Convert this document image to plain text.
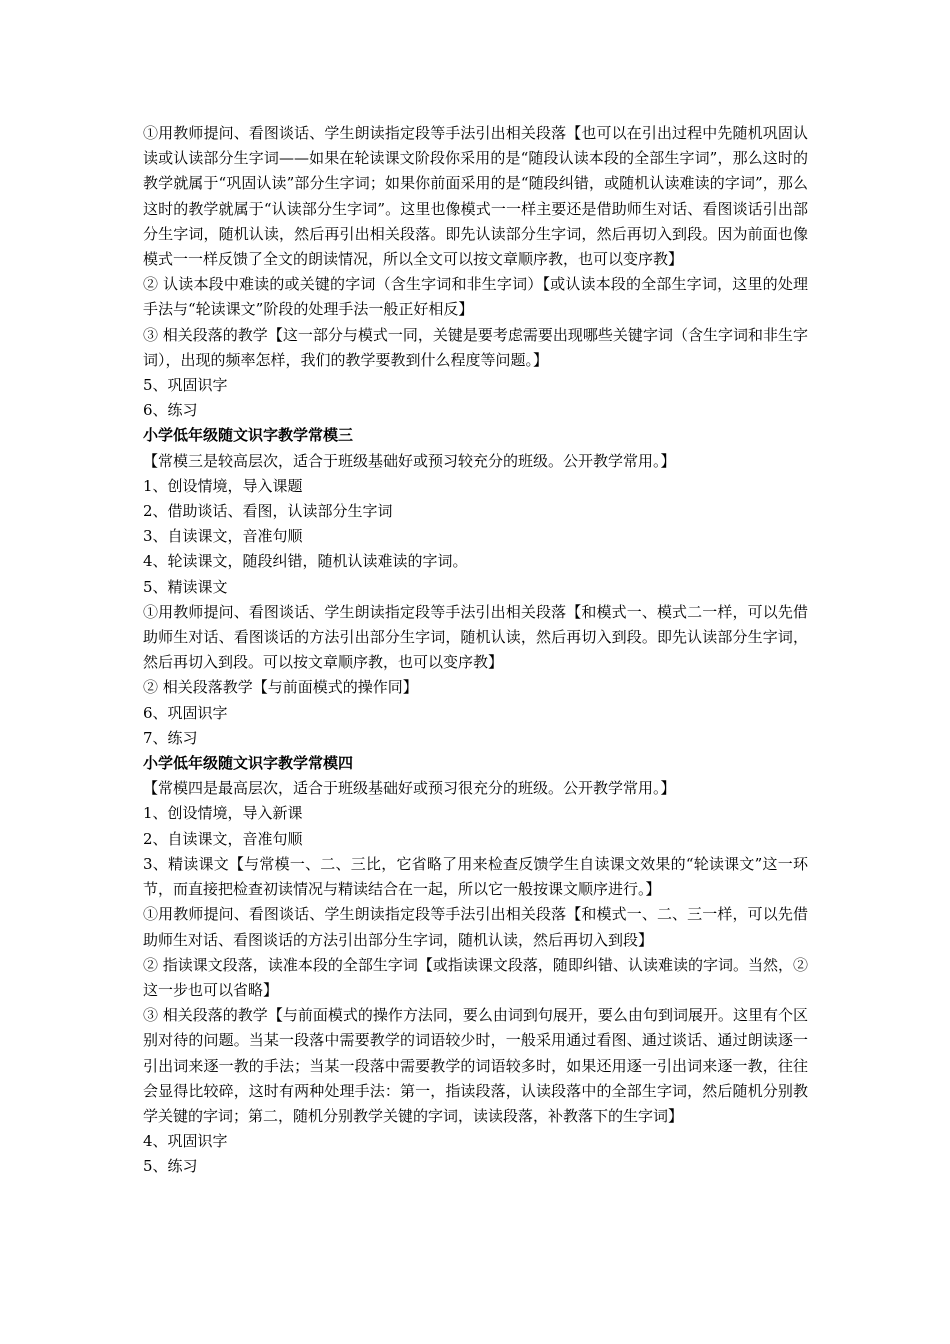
①用教师提问、看图谈话、学生朗读指定段等手法引出相关段落【也可以在引出过程中先随机巩固认读或认读部分生字词——如果在轮读课文阶段你采用的是“随段认读本段的全部生字词”，那么这时的教学就属于“巩固认读”部分生字词；如果你前面采用的是“随段纠错，或随机认读难读的字词”，那么这时的教学就属于“认读部分生字词”。这里也像模式一一样主要还是借助师生对话、看图谈话引出部分生字词，随机认读，然后再引出相关段落。即先认读部分生字词，然后再切入到段。因为前面也像模式一一样反馈了全文的朗读情况，所以全文可以按文章顺序教，也可以变序教】

② 认读本段中难读的或关键的字词（含生字词和非生字词）【或认读本段的全部生字词，这里的处理手法与“轮读课文”阶段的处理手法一般正好相反】

③ 相关段落的教学【这一部分与模式一同，关键是要考虑需要出现哪些关键字词（含生字词和非生字词），出现的频率怎样，我们的教学要教到什么程度等问题。】

5、巩固识字

6、练习

小学低年级随文识字教学常模三

【常模三是较高层次，适合于班级基础好或预习较充分的班级。公开教学常用。】

1、创设情境，导入课题

2、借助谈话、看图，认读部分生字词

3、自读课文，音准句顺

4、轮读课文，随段纠错，随机认读难读的字词。

5、精读课文

①用教师提问、看图谈话、学生朗读指定段等手法引出相关段落【和模式一、模式二一样，可以先借助师生对话、看图谈话的方法引出部分生字词，随机认读，然后再切入到段。即先认读部分生字词，然后再切入到段。可以按文章顺序教，也可以变序教】

② 相关段落教学【与前面模式的操作同】

6、巩固识字

7、练习

小学低年级随文识字教学常模四

【常模四是最高层次，适合于班级基础好或预习很充分的班级。公开教学常用。】

1、创设情境，导入新课

2、自读课文，音准句顺

3、精读课文【与常模一、二、三比，它省略了用来检查反馈学生自读课文效果的“轮读课文”这一环节，而直接把检查初读情况与精读结合在一起，所以它一般按课文顺序进行。】

①用教师提问、看图谈话、学生朗读指定段等手法引出相关段落【和模式一、二、三一样，可以先借助师生对话、看图谈话的方法引出部分生字词，随机认读，然后再切入到段】

② 指读课文段落，读准本段的全部生字词【或指读课文段落，随即纠错、认读难读的字词。当然，②这一步也可以省略】

③ 相关段落的教学【与前面模式的操作方法同，要么由词到句展开，要么由句到词展开。这里有个区别对待的问题。当某一段落中需要教学的词语较少时，一般采用通过看图、通过谈话、通过朗读逐一引出词来逐一教的手法；当某一段落中需要教学的词语较多时，如果还用逐一引出词来逐一教，往往会显得比较碎，这时有两种处理手法：第一，指读段落，认读段落中的全部生字词，然后随机分别教学关键的字词；第二，随机分别教学关键的字词，读读段落，补教落下的生字词】

4、巩固识字

5、练习
